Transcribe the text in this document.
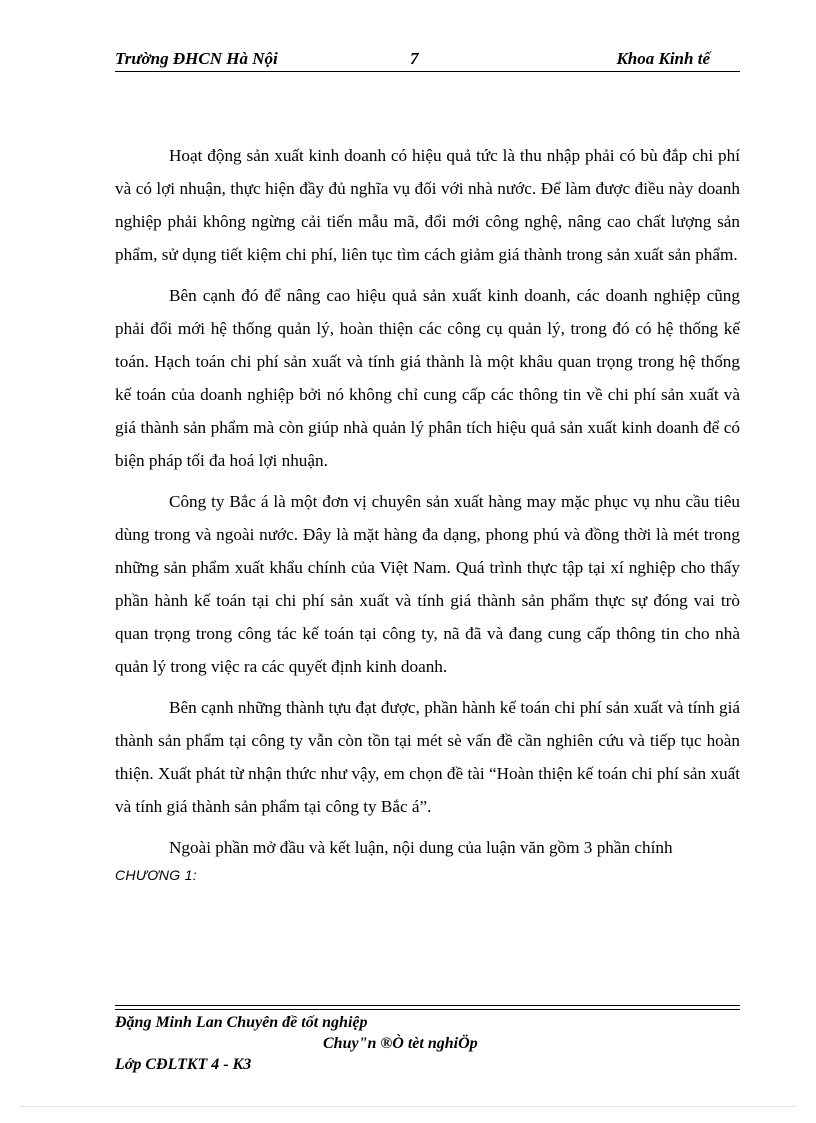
Trường ĐHCN Hà Nội	7	Khoa Kinh tế

Hoạt động sản xuất kinh doanh có hiệu quả tức là thu nhập phải có bù đắp chi phí và có lợi nhuận, thực hiện đầy đủ nghĩa vụ đối với nhà nước. Để làm được điều này doanh nghiệp phải không ngừng cải tiến mẫu mã, đổi mới công nghệ, nâng cao chất lượng sản phẩm, sử dụng tiết kiệm chi phí, liên tục tìm cách giảm giá thành trong sản xuất sản phẩm.

Bên cạnh đó để nâng cao hiệu quả sản xuất kinh doanh, các doanh nghiệp cũng phải đổi mới hệ thống quản lý, hoàn thiện các công cụ quản lý, trong đó có hệ thống kế toán. Hạch toán chi phí sản xuất và tính giá thành là một khâu quan trọng trong hệ thống kế toán của doanh nghiệp bởi nó không chỉ cung cấp các thông tin về chi phí sản xuất và giá thành sản phẩm mà còn giúp nhà quản lý phân tích hiệu quả sản xuất kinh doanh để có biện pháp tối đa hoá lợi nhuận.

Công ty Bắc á là một đơn vị chuyên sản xuất hàng may mặc phục vụ nhu cầu tiêu dùng trong và ngoài nước. Đây là mặt hàng đa dạng, phong phú và đồng thời là mét trong những sản phẩm xuất khẩu chính của Việt Nam. Quá trình thực tập tại xí nghiệp cho thấy phần hành kế toán tại chi phí sản xuất và tính giá thành sản phẩm thực sự đóng vai trò quan trọng trong công tác kế toán tại công ty, nã đã và đang cung cấp thông tin cho nhà quản lý trong việc ra các quyết định kinh doanh.

Bên cạnh những thành tựu đạt được, phần hành kế toán chi phí sản xuất và tính giá thành sản phẩm tại công ty vẫn còn tồn tại mét sè vấn đề cần nghiên cứu và tiếp tục hoàn thiện. Xuất phát từ nhận thức như vậy, em chọn đề tài “Hoàn thiện kế toán chi phí sản xuất và tính giá thành sản phẩm tại công ty Bắc á”.

Ngoài phần mở đầu và kết luận, nội dung của luận văn gồm 3 phần chính

CHƯƠNG 1:
Đặng Minh Lan Chuyên đề tốt nghiệp
Chuy"n ®Ò tèt nghiÖp
Lớp CĐLTKT 4 - K3
